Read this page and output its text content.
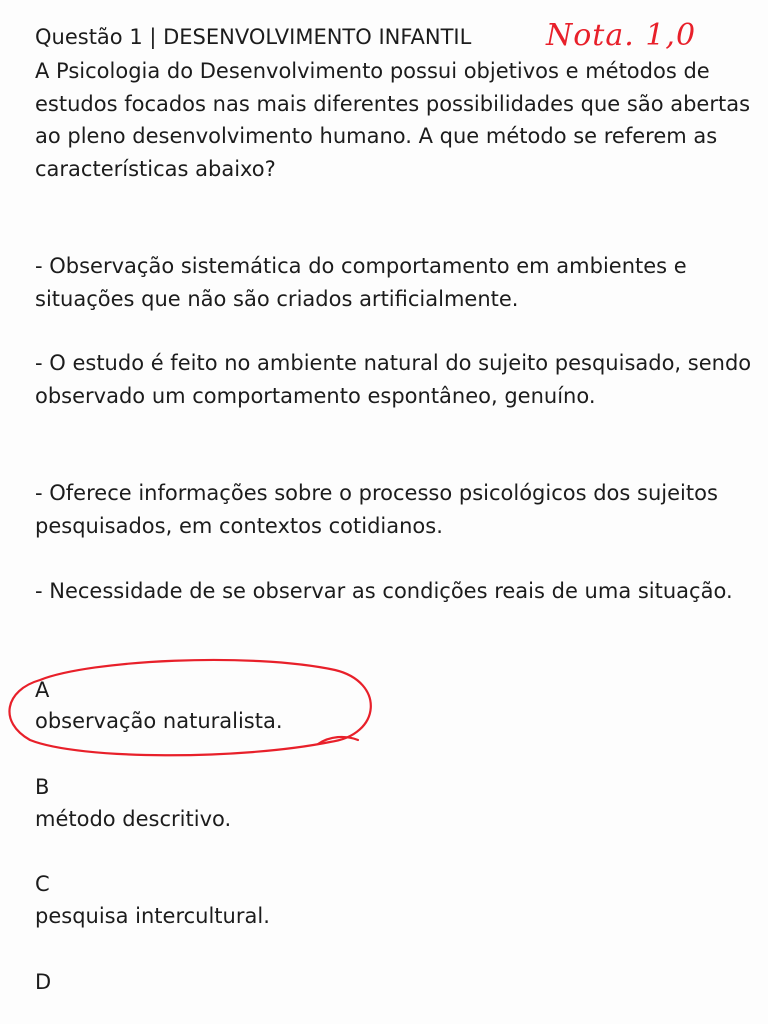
Questão 1 | DESENVOLVIMENTO INFANTIL Nota. 1,0

A Psicologia do Desenvolvimento possui objetivos e métodos de estudos focados nas mais diferentes possibilidades que são abertas ao pleno desenvolvimento humano. A que método se referem as características abaixo?

- Observação sistemática do comportamento em ambientes e situações que não são criados artificialmente.

- O estudo é feito no ambiente natural do sujeito pesquisado, sendo observado um comportamento espontâneo, genuíno.

- Oferece informações sobre o processo psicológicos dos sujeitos pesquisados, em contextos cotidianos.

- Necessidade de se observar as condições reais de uma situação.

A
observação naturalista.
B
método descritivo.
C
pesquisa intercultural.
D
